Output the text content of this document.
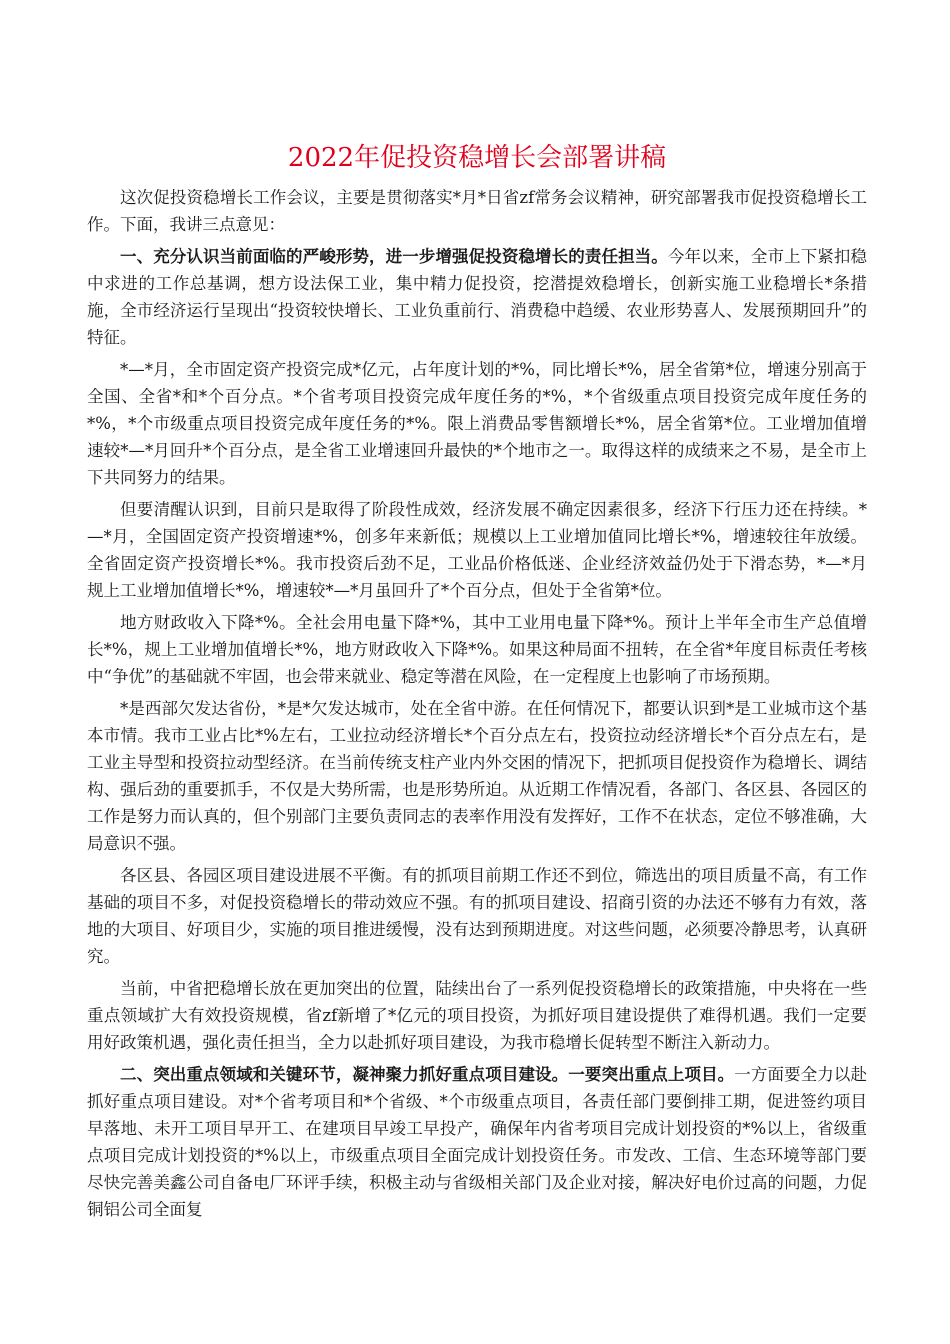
2022年促投资稳增长会部署讲稿

这次促投资稳增长工作会议，主要是贯彻落实*月*日省zf常务会议精神，研究部署我市促投资稳增长工作。下面，我讲三点意见：

一、充分认识当前面临的严峻形势，进一步增强促投资稳增长的责任担当。今年以来，全市上下紧扣稳中求进的工作总基调，想方设法保工业，集中精力促投资，挖潜提效稳增长，创新实施工业稳增长*条措施，全市经济运行呈现出“投资较快增长、工业负重前行、消费稳中趋缓、农业形势喜人、发展预期回升”的特征。

*—*月，全市固定资产投资完成*亿元，占年度计划的*%，同比增长*%，居全省第*位，增速分别高于全国、全省*和*个百分点。*个省考项目投资完成年度任务的*%，*个省级重点项目投资完成年度任务的*%，*个市级重点项目投资完成年度任务的*%。限上消费品零售额增长*%，居全省第*位。工业增加值增速较*—*月回升*个百分点，是全省工业增速回升最快的*个地市之一。取得这样的成绩来之不易，是全市上下共同努力的结果。

但要清醒认识到，目前只是取得了阶段性成效，经济发展不确定因素很多，经济下行压力还在持续。*—*月，全国固定资产投资增速*%，创多年来新低；规模以上工业增加值同比增长*%，增速较往年放缓。全省固定资产投资增长*%。我市投资后劲不足，工业品价格低迷、企业经济效益仍处于下滑态势，*—*月规上工业增加值增长*%，增速较*—*月虽回升了*个百分点，但处于全省第*位。

地方财政收入下降*%。全社会用电量下降*%，其中工业用电量下降*%。预计上半年全市生产总值增长*%，规上工业增加值增长*%，地方财政收入下降*%。如果这种局面不扭转，在全省*年度目标责任考核中“争优”的基础就不牢固，也会带来就业、稳定等潜在风险，在一定程度上也影响了市场预期。

*是西部欠发达省份，*是*欠发达城市，处在全省中游。在任何情况下，都要认识到*是工业城市这个基本市情。我市工业占比*%左右，工业拉动经济增长*个百分点左右，投资拉动经济增长*个百分点左右，是工业主导型和投资拉动型经济。在当前传统支柱产业内外交困的情况下，把抓项目促投资作为稳增长、调结构、强后劲的重要抓手，不仅是大势所需，也是形势所迫。从近期工作情况看，各部门、各区县、各园区的工作是努力而认真的，但个别部门主要负责同志的表率作用没有发挥好，工作不在状态，定位不够准确，大局意识不强。

各区县、各园区项目建设进展不平衡。有的抓项目前期工作还不到位，筛选出的项目质量不高，有工作基础的项目不多，对促投资稳增长的带动效应不强。有的抓项目建设、招商引资的办法还不够有力有效，落地的大项目、好项目少，实施的项目推进缓慢，没有达到预期进度。对这些问题，必须要冷静思考，认真研究。

当前，中省把稳增长放在更加突出的位置，陆续出台了一系列促投资稳增长的政策措施，中央将在一些重点领域扩大有效投资规模，省zf新增了*亿元的项目投资，为抓好项目建设提供了难得机遇。我们一定要用好政策机遇，强化责任担当，全力以赴抓好项目建设，为我市稳增长促转型不断注入新动力。

二、突出重点领域和关键环节，凝神聚力抓好重点项目建设。一要突出重点上项目。一方面要全力以赴抓好重点项目建设。对*个省考项目和*个省级、*个市级重点项目，各责任部门要倒排工期，促进签约项目早落地、未开工项目早开工、在建项目早竣工早投产，确保年内省考项目完成计划投资的*%以上，省级重点项目完成计划投资的*%以上，市级重点项目全面完成计划投资任务。市发改、工信、生态环境等部门要尽快完善美鑫公司自备电厂环评手续，积极主动与省级相关部门及企业对接，解决好电价过高的问题，力促铜铝公司全面复
